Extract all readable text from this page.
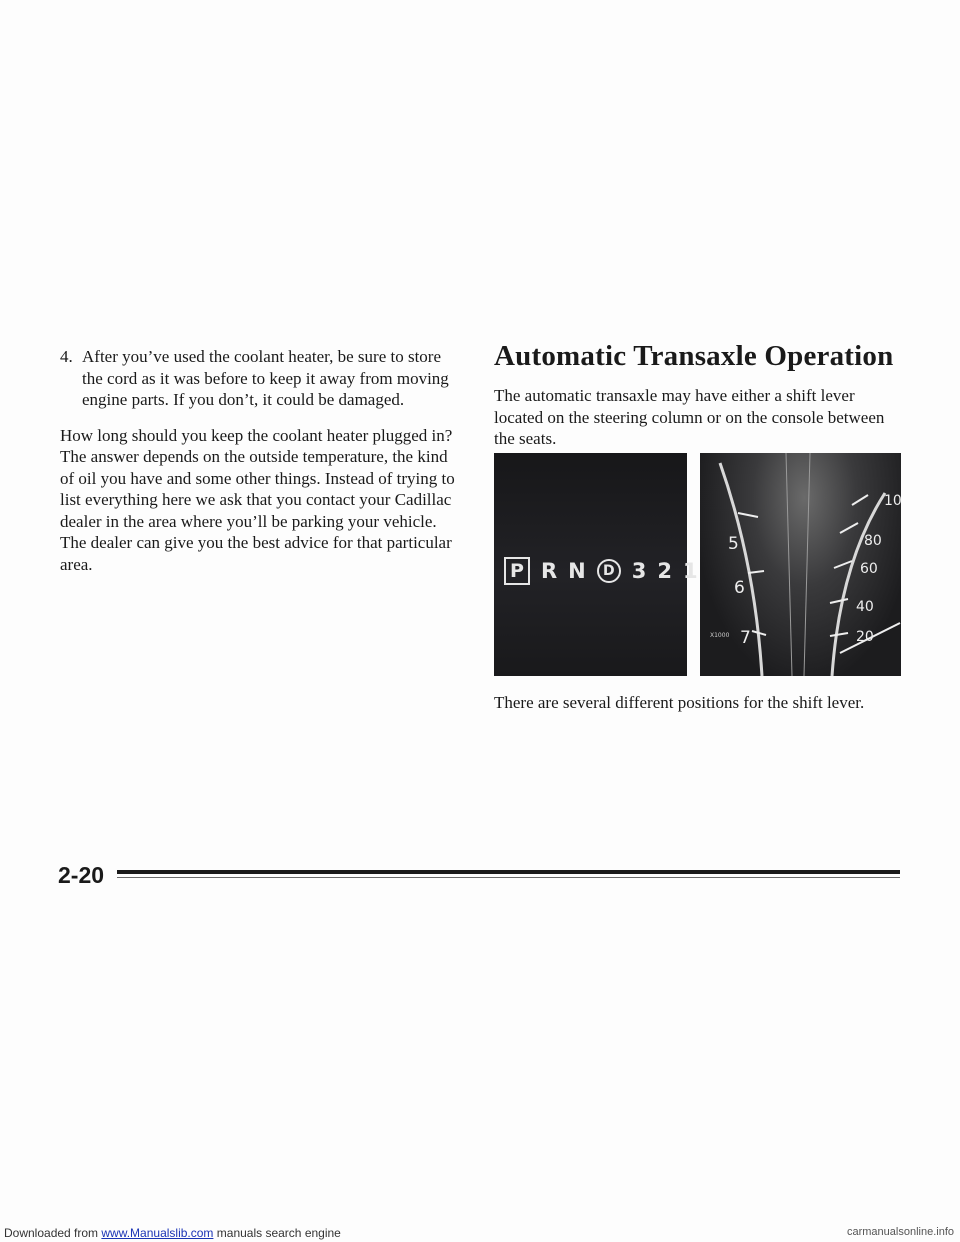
4. After you’ve used the coolant heater, be sure to store the cord as it was before to keep it away from moving engine parts. If you don’t, it could be damaged.

How long should you keep the coolant heater plugged in? The answer depends on the outside temperature, the kind of oil you have and some other things. Instead of trying to list everything here we ask that you contact your Cadillac dealer in the area where you’ll be parking your vehicle. The dealer can give you the best advice for that particular area.

Automatic Transaxle Operation

The automatic transaxle may have either a shift lever located on the steering column or on the console between the seats.

P R N	D 3 2 1
5
6
7
X1000
10
80
60
40
20
There are several different positions for the shift lever.
2-20
Downloaded from www.Manualslib.com manuals search engine	carmanualsonline.info
